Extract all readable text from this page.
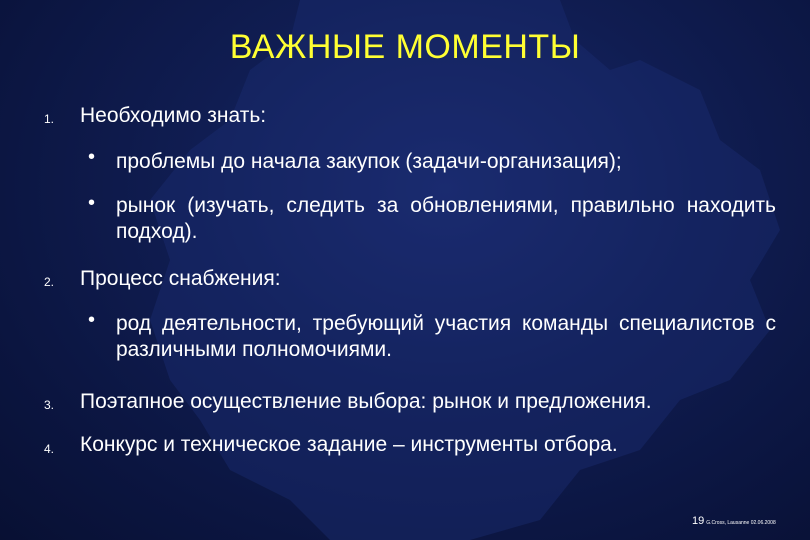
ВАЖНЫЕ МОМЕНТЫ
1. Необходимо знать:
• проблемы до начала закупок (задачи-организация);
• рынок (изучать, следить за обновлениями, правильно находить подход).
2. Процесс снабжения:
• род деятельности, требующий участия команды специалистов с различными полномочиями.
3. Поэтапное осуществление выбора: рынок и предложения.
4. Конкурс и техническое задание – инструменты отбора.
19 G.Cross, Lausanne 02.06.2008
